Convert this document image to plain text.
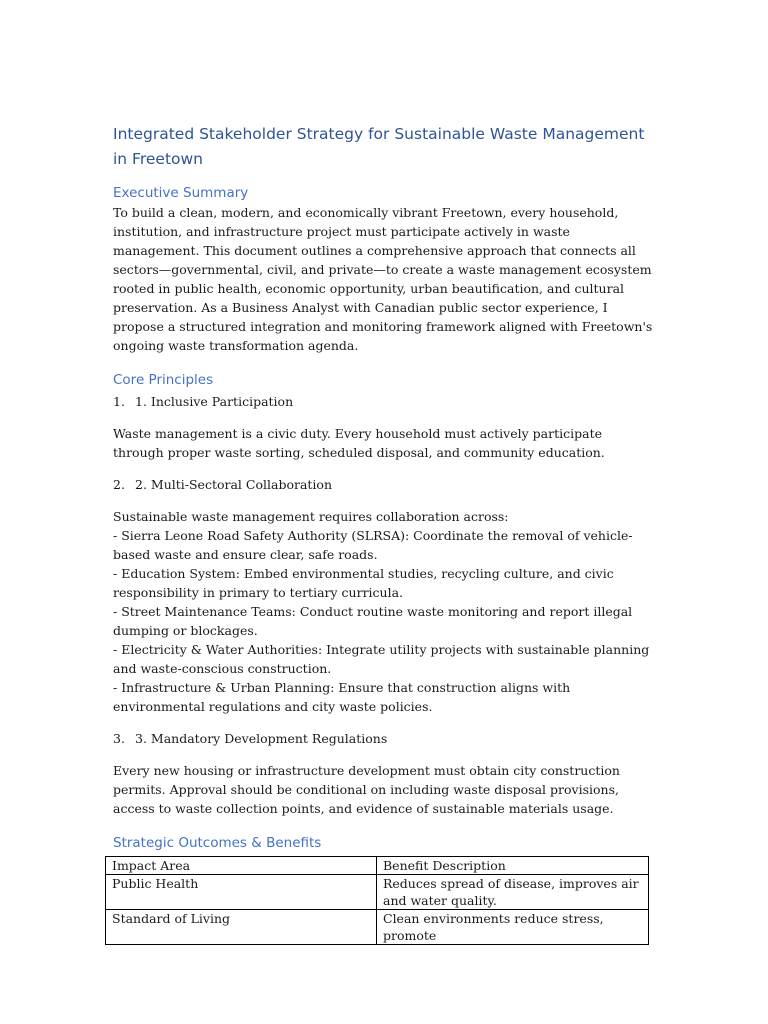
Integrated Stakeholder Strategy for Sustainable Waste Management in Freetown
Executive Summary

To build a clean, modern, and economically vibrant Freetown, every household, institution, and infrastructure project must participate actively in waste management. This document outlines a comprehensive approach that connects all sectors—governmental, civil, and private—to create a waste management ecosystem rooted in public health, economic opportunity, urban beautification, and cultural preservation. As a Business Analyst with Canadian public sector experience, I propose a structured integration and monitoring framework aligned with Freetown's ongoing waste transformation agenda.

Core Principles
1. 1. Inclusive Participation

Waste management is a civic duty. Every household must actively participate through proper waste sorting, scheduled disposal, and community education.

2. 2. Multi-Sectoral Collaboration

Sustainable waste management requires collaboration across:

- Sierra Leone Road Safety Authority (SLRSA): Coordinate the removal of vehicle-based waste and ensure clear, safe roads.

- Education System: Embed environmental studies, recycling culture, and civic responsibility in primary to tertiary curricula.

- Street Maintenance Teams: Conduct routine waste monitoring and report illegal dumping or blockages.

- Electricity & Water Authorities: Integrate utility projects with sustainable planning and waste-conscious construction.

- Infrastructure & Urban Planning: Ensure that construction aligns with environmental regulations and city waste policies.

3. 3. Mandatory Development Regulations

Every new housing or infrastructure development must obtain city construction permits. Approval should be conditional on including waste disposal provisions, access to waste collection points, and evidence of sustainable materials usage.

Strategic Outcomes & Benefits
Impact Area	Benefit Description
Public Health	Reduces spread of disease, improves air and water quality.
Standard of Living	Clean environments reduce stress, promote
